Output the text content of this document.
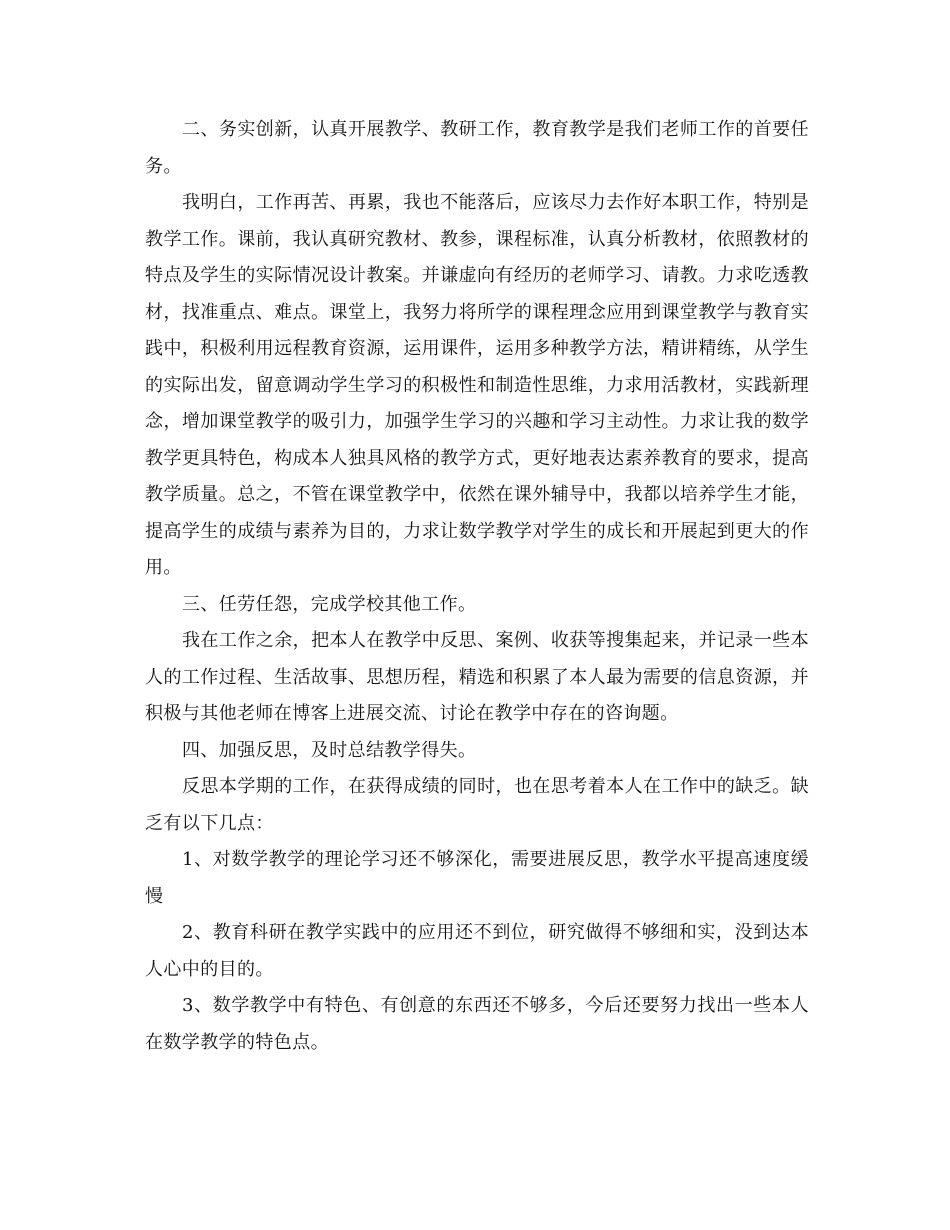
二、务实创新，认真开展教学、教研工作，教育教学是我们老师工作的首要任务。

我明白，工作再苦、再累，我也不能落后，应该尽力去作好本职工作，特别是教学工作。课前，我认真研究教材、教参，课程标准，认真分析教材，依照教材的特点及学生的实际情况设计教案。并谦虚向有经历的老师学习、请教。力求吃透教材，找准重点、难点。课堂上，我努力将所学的课程理念应用到课堂教学与教育实践中，积极利用远程教育资源，运用课件，运用多种教学方法，精讲精练，从学生的实际出发，留意调动学生学习的积极性和制造性思维，力求用活教材，实践新理念，增加课堂教学的吸引力，加强学生学习的兴趣和学习主动性。力求让我的数学教学更具特色，构成本人独具风格的教学方式，更好地表达素养教育的要求，提高教学质量。总之，不管在课堂教学中，依然在课外辅导中，我都以培养学生才能，提高学生的成绩与素养为目的，力求让数学教学对学生的成长和开展起到更大的作用。

三、任劳任怨，完成学校其他工作。

我在工作之余，把本人在教学中反思、案例、收获等搜集起来，并记录一些本人的工作过程、生活故事、思想历程，精选和积累了本人最为需要的信息资源，并积极与其他老师在博客上进展交流、讨论在教学中存在的咨询题。

四、加强反思，及时总结教学得失。

反思本学期的工作，在获得成绩的同时，也在思考着本人在工作中的缺乏。缺乏有以下几点：

1、对数学教学的理论学习还不够深化，需要进展反思，教学水平提高速度缓慢

2、教育科研在教学实践中的应用还不到位，研究做得不够细和实，没到达本人心中的目的。

3、数学教学中有特色、有创意的东西还不够多，今后还要努力找出一些本人在数学教学的特色点。
